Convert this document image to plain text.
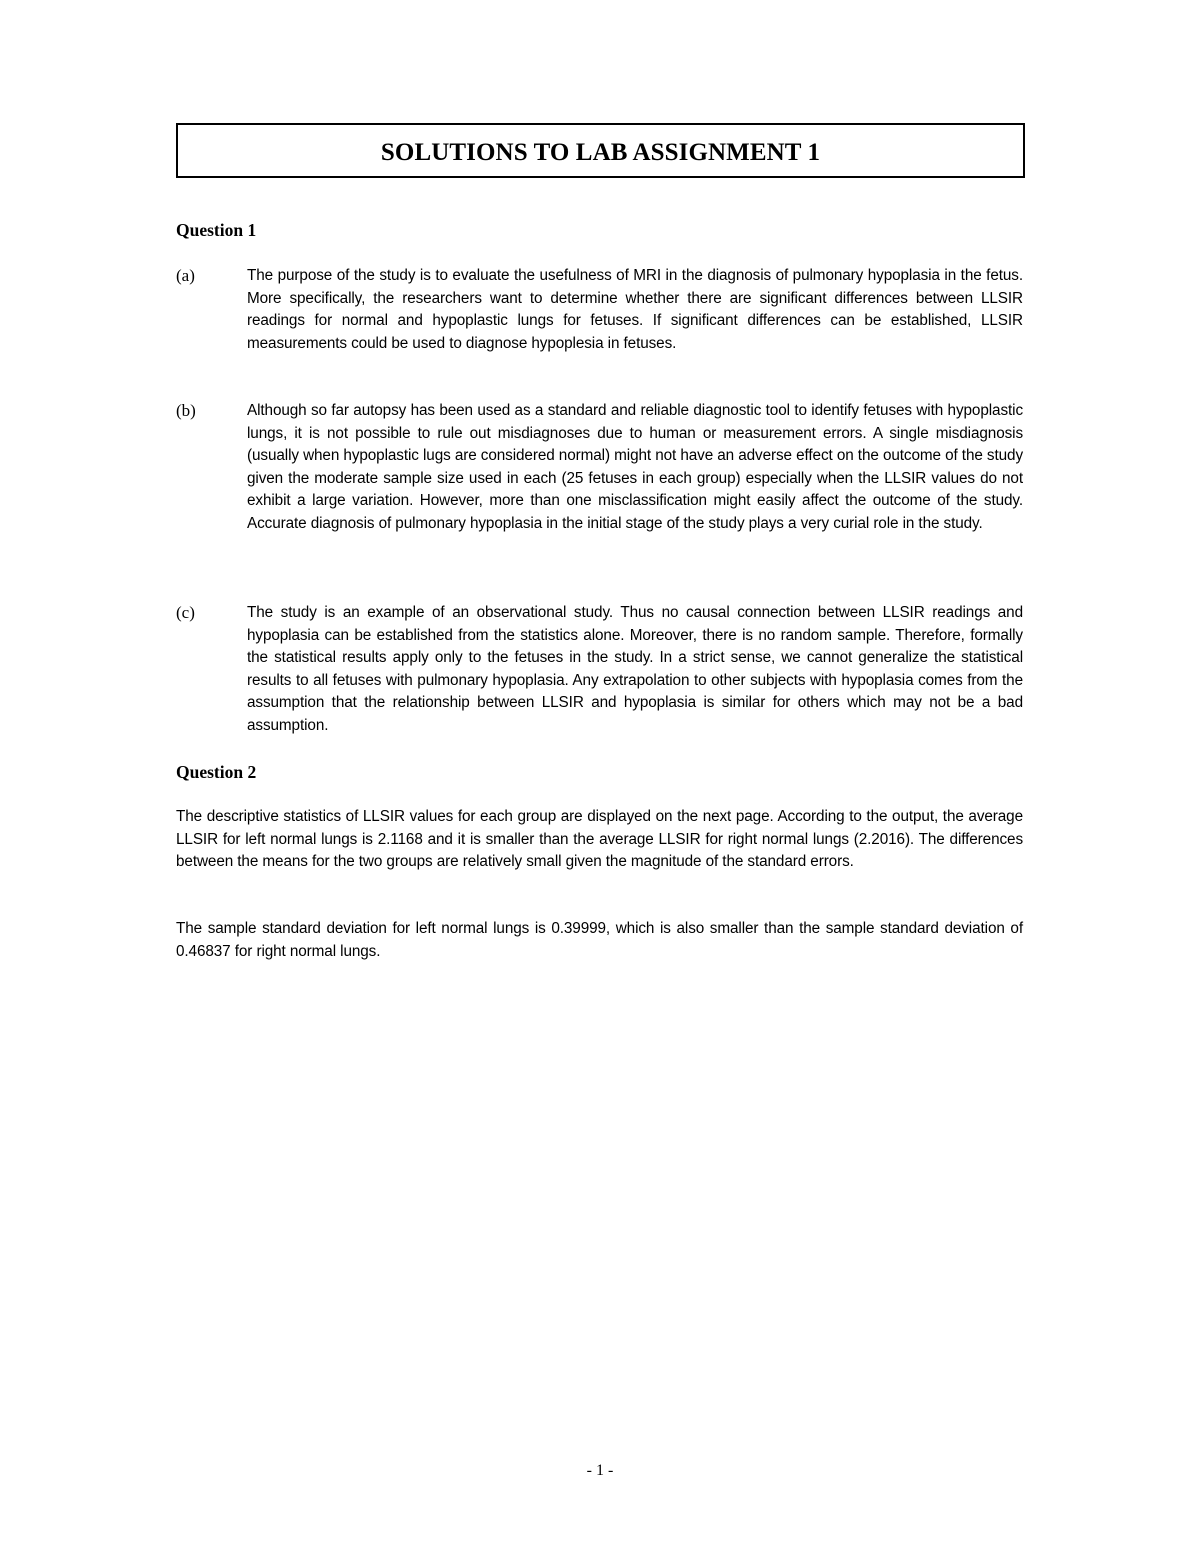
SOLUTIONS TO LAB ASSIGNMENT 1
Question 1
(a)	The purpose of the study is to evaluate the usefulness of MRI in the diagnosis of pulmonary hypoplasia in the fetus. More specifically, the researchers want to determine whether there are significant differences between LLSIR readings for normal and hypoplastic lungs for fetuses. If significant differences can be established, LLSIR measurements could be used to diagnose hypoplesia in fetuses.
(b)	Although so far autopsy has been used as a standard and reliable diagnostic tool to identify fetuses with hypoplastic lungs, it is not possible to rule out misdiagnoses due to human or measurement errors. A single misdiagnosis (usually when hypoplastic lugs are considered normal) might not have an adverse effect on the outcome of the study given the moderate sample size used in each (25 fetuses in each group) especially when the LLSIR values do not exhibit a large variation. However, more than one misclassification might easily affect the outcome of the study. Accurate diagnosis of pulmonary hypoplasia in the initial stage of the study plays a very curial role in the study.
(c)	The study is an example of an observational study. Thus no causal connection between LLSIR readings and hypoplasia can be established from the statistics alone. Moreover, there is no random sample. Therefore, formally the statistical results apply only to the fetuses in the study. In a strict sense, we cannot generalize the statistical results to all fetuses with pulmonary hypoplasia. Any extrapolation to other subjects with hypoplasia comes from the assumption that the relationship between LLSIR and hypoplasia is similar for others which may not be a bad assumption.
Question 2

The descriptive statistics of LLSIR values for each group are displayed on the next page. According to the output, the average LLSIR for left normal lungs is 2.1168 and it is smaller than the average LLSIR for right normal lungs (2.2016). The differences between the means for the two groups are relatively small given the magnitude of the standard errors.

The sample standard deviation for left normal lungs is 0.39999, which is also smaller than the sample standard deviation of 0.46837 for right normal lungs.

- 1 -
